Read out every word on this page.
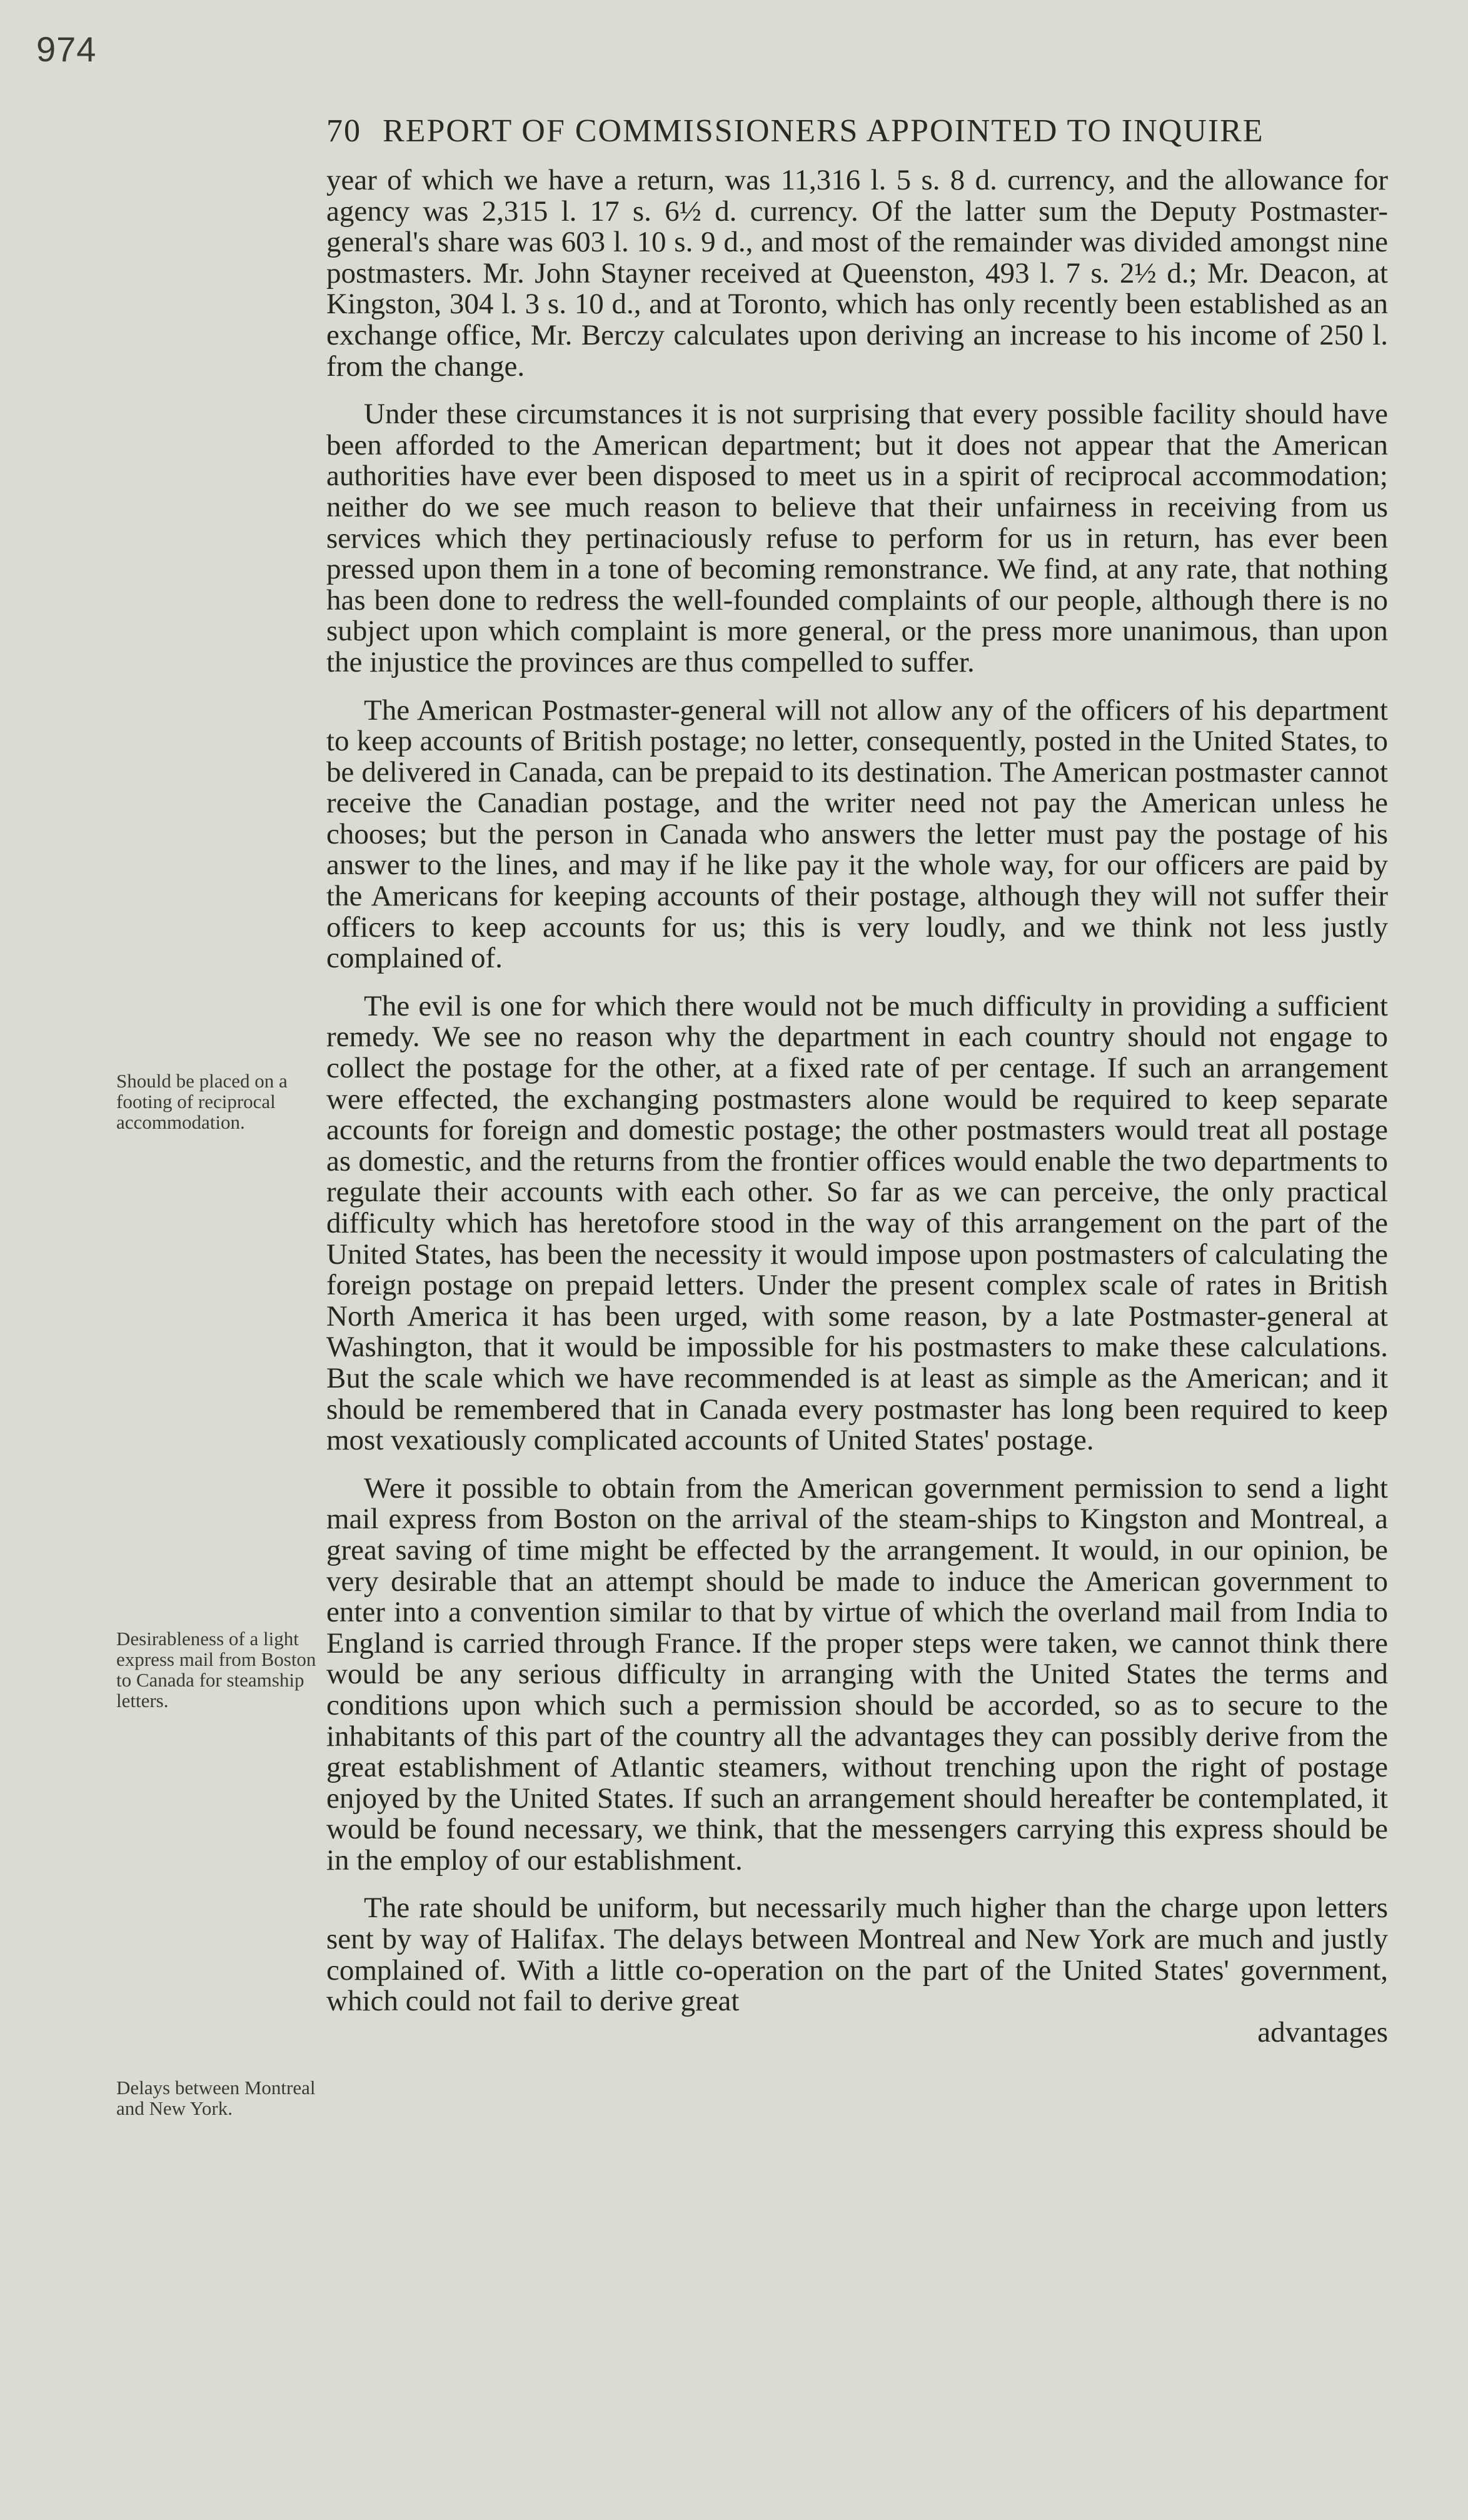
974
70 REPORT OF COMMISSIONERS APPOINTED TO INQUIRE

year of which we have a return, was 11,316 l. 5 s. 8 d. currency, and the allowance for agency was 2,315 l. 17 s. 6½ d. currency. Of the latter sum the Deputy Postmaster-general's share was 603 l. 10 s. 9 d., and most of the remainder was divided amongst nine postmasters. Mr. John Stayner received at Queenston, 493 l. 7 s. 2½ d.; Mr. Deacon, at Kingston, 304 l. 3 s. 10 d., and at Toronto, which has only recently been established as an exchange office, Mr. Berczy calculates upon deriving an increase to his income of 250 l. from the change.

Under these circumstances it is not surprising that every possible facility should have been afforded to the American department; but it does not appear that the American authorities have ever been disposed to meet us in a spirit of reciprocal accommodation; neither do we see much reason to believe that their unfairness in receiving from us services which they pertinaciously refuse to perform for us in return, has ever been pressed upon them in a tone of becoming remonstrance. We find, at any rate, that nothing has been done to redress the well-founded complaints of our people, although there is no subject upon which complaint is more general, or the press more unanimous, than upon the injustice the provinces are thus compelled to suffer.

The American Postmaster-general will not allow any of the officers of his department to keep accounts of British postage; no letter, consequently, posted in the United States, to be delivered in Canada, can be prepaid to its destination. The American postmaster cannot receive the Canadian postage, and the writer need not pay the American unless he chooses; but the person in Canada who answers the letter must pay the postage of his answer to the lines, and may if he like pay it the whole way, for our officers are paid by the Americans for keeping accounts of their postage, although they will not suffer their officers to keep accounts for us; this is very loudly, and we think not less justly complained of.

The evil is one for which there would not be much difficulty in providing a sufficient remedy. We see no reason why the department in each country should not engage to collect the postage for the other, at a fixed rate of per centage. If such an arrangement were effected, the exchanging postmasters alone would be required to keep separate accounts for foreign and domestic postage; the other postmasters would treat all postage as domestic, and the returns from the frontier offices would enable the two departments to regulate their accounts with each other. So far as we can perceive, the only practical difficulty which has heretofore stood in the way of this arrangement on the part of the United States, has been the necessity it would impose upon postmasters of calculating the foreign postage on prepaid letters. Under the present complex scale of rates in British North America it has been urged, with some reason, by a late Postmaster-general at Washington, that it would be impossible for his postmasters to make these calculations. But the scale which we have recommended is at least as simple as the American; and it should be remembered that in Canada every postmaster has long been required to keep most vexatiously complicated accounts of United States' postage.

Were it possible to obtain from the American government permission to send a light mail express from Boston on the arrival of the steam-ships to Kingston and Montreal, a great saving of time might be effected by the arrangement. It would, in our opinion, be very desirable that an attempt should be made to induce the American government to enter into a convention similar to that by virtue of which the overland mail from India to England is carried through France. If the proper steps were taken, we cannot think there would be any serious difficulty in arranging with the United States the terms and conditions upon which such a permission should be accorded, so as to secure to the inhabitants of this part of the country all the advantages they can possibly derive from the great establishment of Atlantic steamers, without trenching upon the right of postage enjoyed by the United States. If such an arrangement should hereafter be contemplated, it would be found necessary, we think, that the messengers carrying this express should be in the employ of our establishment.

The rate should be uniform, but necessarily much higher than the charge upon letters sent by way of Halifax. The delays between Montreal and New York are much and justly complained of. With a little co-operation on the part of the United States' government, which could not fail to derive great

advantages
Should be placed on a footing of reciprocal accommodation.
Desirableness of a light express mail from Boston to Canada for steamship letters.
Delays between Montreal and New York.
